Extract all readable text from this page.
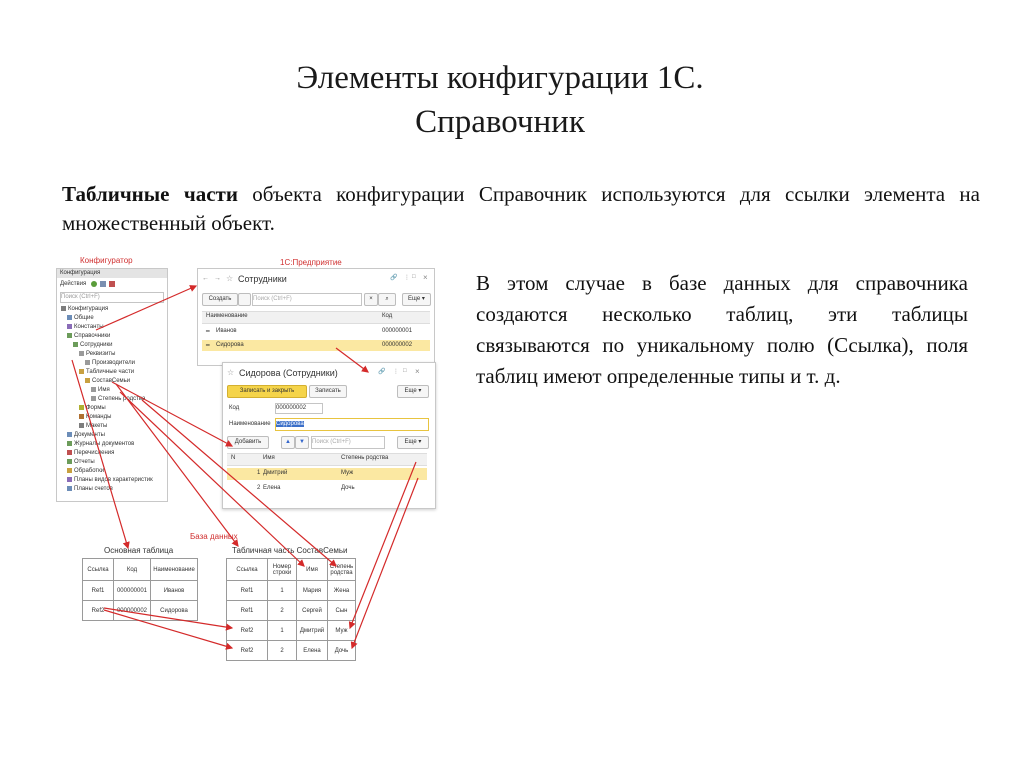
Элементы конфигурации 1С.
Справочник
Табличные части объекта конфигурации Справочник используются для ссылки элемента на множественный объект.
В этом случае в базе данных для справочника создаются несколько таблиц, эти таблицы связываются по уникальному полю (Ссылка), поля таблиц имеют определенные типы и т. д.
Конфигуратор
Конфигурация
Действия
Поиск (Ctrl+F)
Конфигурация
Общие
Константы
Справочники
Сотрудники
Реквизиты
Производители
Табличные части
СоставСемьи
Имя
Степень родства
Формы
Команды
Макеты
Документы
Журналы документов
Перечисления
Отчеты
Обработки
Планы видов характеристик
Планы счетов
1С:Предприятие
← → ☆ Сотрудники	🔗 ⋮ □ ×
Создать	Поиск (Ctrl+F)	×	⌕	Еще ▾
Наименование	Код
━ Иванов	000000001
━ Сидорова	000000002
☆ Сидорова (Сотрудники)	🔗 ⋮ □ ×
Записать и закрыть	Записать	Еще ▾
Код	000000002
Наименование Сидорова
Добавить	▲	▼	Поиск (Ctrl+F)	Еще ▾
N	Имя	Степень родства
1 Дмитрий	Муж
2 Елена	Дочь
База данных
Основная таблица	Табличная часть СоставСемьи
Ссылка	Код	Наименование
Ref1	000000001	Иванов
Ref2	000000002	Сидорова
Ссылка	Номер строки	Имя	Степень родства
Ref1	1	Мария	Жена
Ref1	2	Сергей	Сын
Ref2	1	Дмитрий	Муж
Ref2	2	Елена	Дочь
